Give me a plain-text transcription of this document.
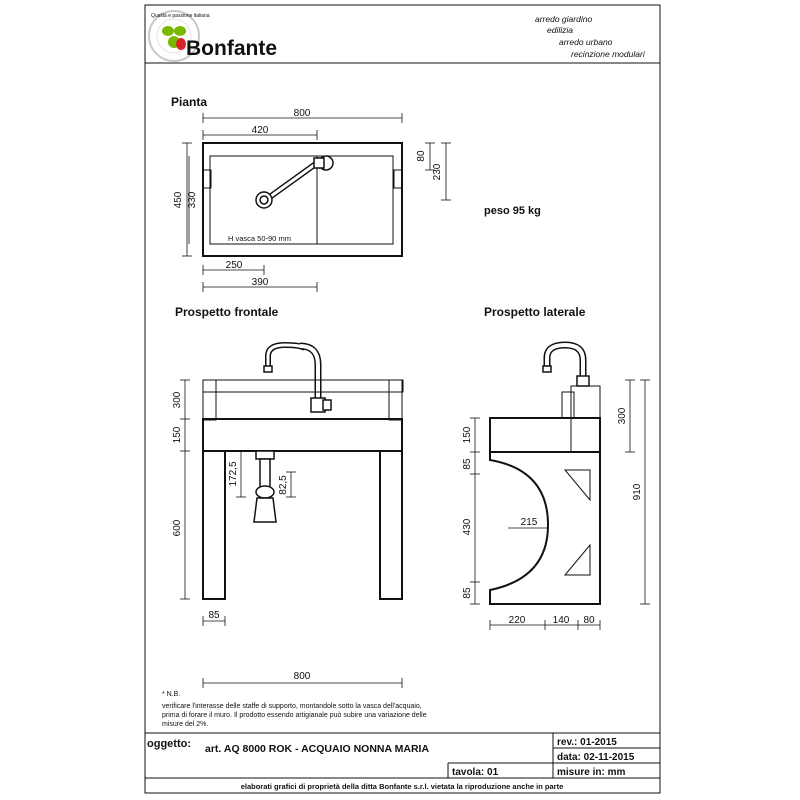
Bonfante
Qualità e passione italiana	arredo giardino
edilizia
arredo urbano
recinzione modulari
Pianta
800
420
H vasca 50-90 mm
450 330
80
230
250
390
peso 95 kg
Prospetto frontale
300
150
600
172,5	82,5
85
800
Prospetto laterale
150
85
430
85
300
910
215
220	140 80
* N.B.
verificare l'interasse delle staffe di supporto, montandole sotto la vasca dell'acquaio,
prima di forare il muro. Il prodotto essendo artigianale può subire una variazione delle
misure del 2%.
oggetto: art. AQ 8000 ROK - ACQUAIO NONNA MARIA
rev.: 01-2015
data: 02-11-2015
tavola: 01	misure in: mm
elaborati grafici di proprietà della ditta Bonfante s.r.l. vietata la riproduzione anche in parte
